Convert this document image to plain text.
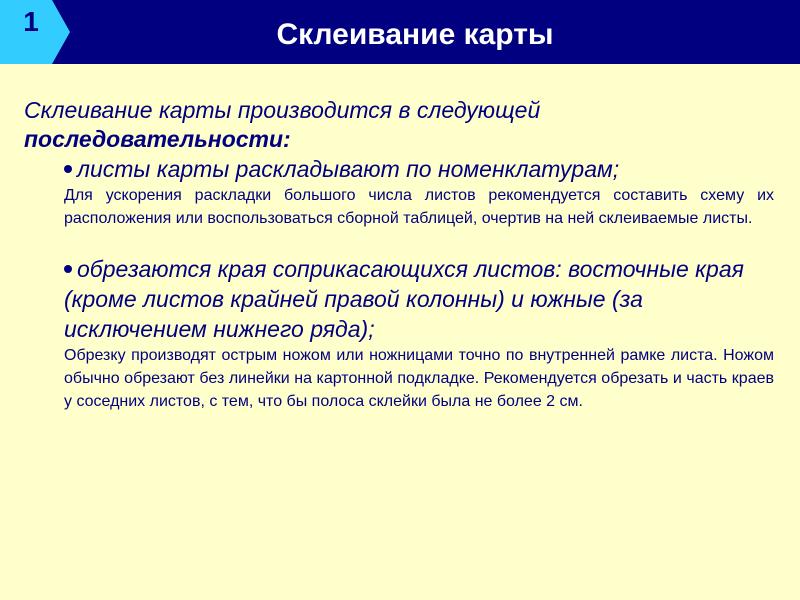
1	Склеивание карты

Склеивание карты производится в следующей последовательности:

листы карты раскладывают по номенклатурам;

Для ускорения раскладки большого числа листов рекомендуется составить схему их расположения или воспользоваться сборной таблицей, очертив на ней склеиваемые листы.

обрезаются края соприкасающихся листов: восточные края (кроме листов крайней правой колонны) и южные (за исключением нижнего ряда);

Обрезку производят острым ножом или ножницами точно по внутренней рамке листа. Ножом обычно обрезают без линейки на картонной подкладке. Рекомендуется обрезать и часть краев у соседних листов, с тем, что бы полоса склейки была не более 2 см.
